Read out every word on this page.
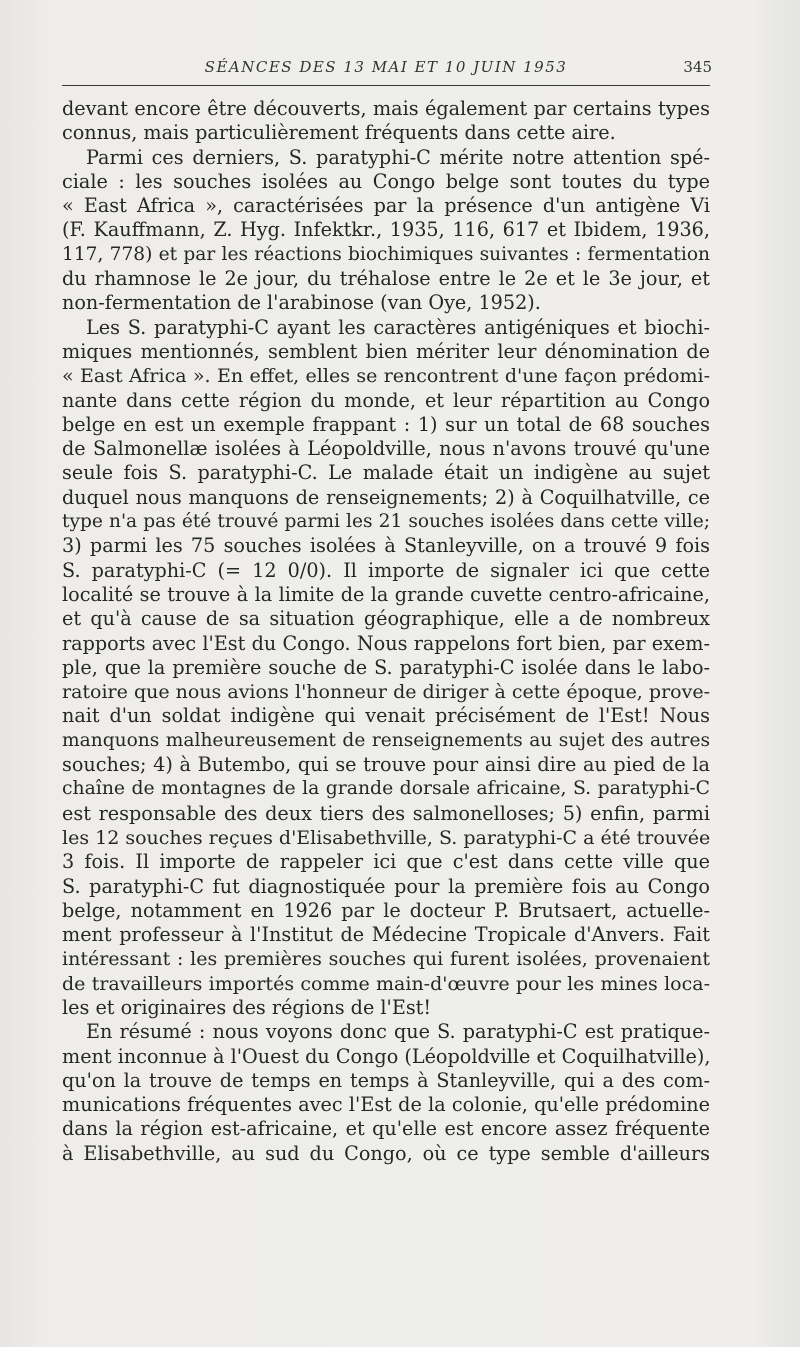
SÉANCES DES 13 MAI ET 10 JUIN 1953	345
devant encore être découverts, mais également par certains types
connus, mais particulièrement fréquents dans cette aire.
Parmi ces derniers, S. paratyphi-C mérite notre attention spé-
ciale : les souches isolées au Congo belge sont toutes du type
« East Africa », caractérisées par la présence d'un antigène Vi
(F. Kauffmann, Z. Hyg. Infektkr., 1935, 116, 617 et Ibidem, 1936,
117, 778) et par les réactions biochimiques suivantes : fermentation
du rhamnose le 2e jour, du tréhalose entre le 2e et le 3e jour, et
non-fermentation de l'arabinose (van Oye, 1952).
Les S. paratyphi-C ayant les caractères antigéniques et biochi-
miques mentionnés, semblent bien mériter leur dénomination de
« East Africa ». En effet, elles se rencontrent d'une façon prédomi-
nante dans cette région du monde, et leur répartition au Congo
belge en est un exemple frappant : 1) sur un total de 68 souches
de Salmonellæ isolées à Léopoldville, nous n'avons trouvé qu'une
seule fois S. paratyphi-C. Le malade était un indigène au sujet
duquel nous manquons de renseignements; 2) à Coquilhatville, ce
type n'a pas été trouvé parmi les 21 souches isolées dans cette ville;
3) parmi les 75 souches isolées à Stanleyville, on a trouvé 9 fois
S. paratyphi-C (= 12 0/0). Il importe de signaler ici que cette
localité se trouve à la limite de la grande cuvette centro-africaine,
et qu'à cause de sa situation géographique, elle a de nombreux
rapports avec l'Est du Congo. Nous rappelons fort bien, par exem-
ple, que la première souche de S. paratyphi-C isolée dans le labo-
ratoire que nous avions l'honneur de diriger à cette époque, prove-
nait d'un soldat indigène qui venait précisément de l'Est! Nous
manquons malheureusement de renseignements au sujet des autres
souches; 4) à Butembo, qui se trouve pour ainsi dire au pied de la
chaîne de montagnes de la grande dorsale africaine, S. paratyphi-C
est responsable des deux tiers des salmonelloses; 5) enfin, parmi
les 12 souches reçues d'Elisabethville, S. paratyphi-C a été trouvée
3 fois. Il importe de rappeler ici que c'est dans cette ville que
S. paratyphi-C fut diagnostiquée pour la première fois au Congo
belge, notamment en 1926 par le docteur P. Brutsaert, actuelle-
ment professeur à l'Institut de Médecine Tropicale d'Anvers. Fait
intéressant : les premières souches qui furent isolées, provenaient
de travailleurs importés comme main-d'œuvre pour les mines loca-
les et originaires des régions de l'Est!
En résumé : nous voyons donc que S. paratyphi-C est pratique-
ment inconnue à l'Ouest du Congo (Léopoldville et Coquilhatville),
qu'on la trouve de temps en temps à Stanleyville, qui a des com-
munications fréquentes avec l'Est de la colonie, qu'elle prédomine
dans la région est-africaine, et qu'elle est encore assez fréquente
à Elisabethville, au sud du Congo, où ce type semble d'ailleurs
